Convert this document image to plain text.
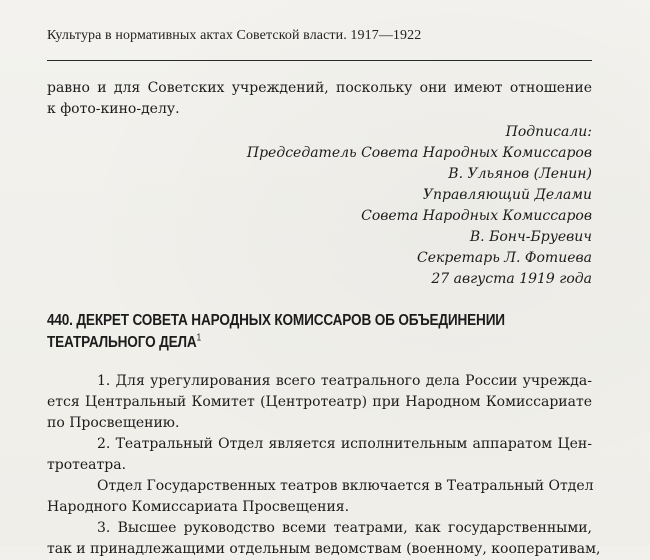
Культура в нормативных актах Советской власти. 1917—1922
равно и для Советских учреждений, поскольку они имеют отношение
к фото-кино-делу.
Подписали:
Председатель Совета Народных Комиссаров
В. Ульянов (Ленин)
Управляющий Делами
Совета Народных Комиссаров
В. Бонч-Бруевич
Секретарь Л. Фотиева
27 августа 1919 года
440. ДЕКРЕТ СОВЕТА НАРОДНЫХ КОМИССАРОВ ОБ ОБЪЕДИНЕНИИ
ТЕАТРАЛЬНОГО ДЕЛА$^1$
1. Для урегулирования всего театрального дела России учрежда-
ется Центральный Комитет (Центротеатр) при Народном Комиссариате
по Просвещению.
2. Театральный Отдел является исполнительным аппаратом Цен-
тротеатра.
Отдел Государственных театров включается в Театральный Отдел
Народного Комиссариата Просвещения.
3. Высшее руководство всеми театрами, как государственными,
так и принадлежащими отдельным ведомствам (военному, кооперативам,
